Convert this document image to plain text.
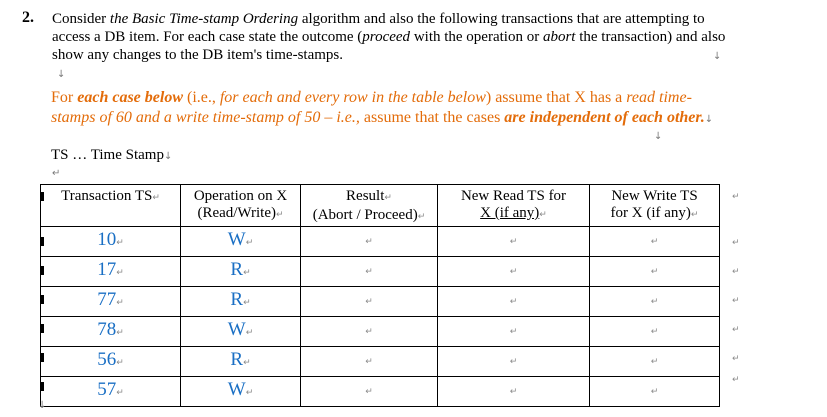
2. Consider the Basic Time-stamp Ordering algorithm and also the following transactions that are attempting to
access a DB item. For each case state the outcome (proceed with the operation or abort the transaction) and also
show any changes to the DB item's time-stamps.
↓
↓
For each case below (i.e., for each and every row in the table below) assume that X has a read time-
stamps of 60 and a write time-stamp of 50 – i.e., assume that the cases are independent of each other.↓
↓
TS … Time Stamp↓
↵
Transaction TS↵	Operation on X
(Read/Write)↵	Result↵
(Abort / Proceed)↵	New Read TS for
X (if any)↵	New Write TS
for X (if any)↵
10↵	W↵	↵	↵	↵
17↵	R↵	↵	↵	↵
77↵	R↵	↵	↵	↵
78↵	W↵	↵	↵	↵
56↵	R↵	↵	↵	↵
57↵	W↵	↵	↵	↵
↵
↵
↵
↵
↵
↵
↵
↓
